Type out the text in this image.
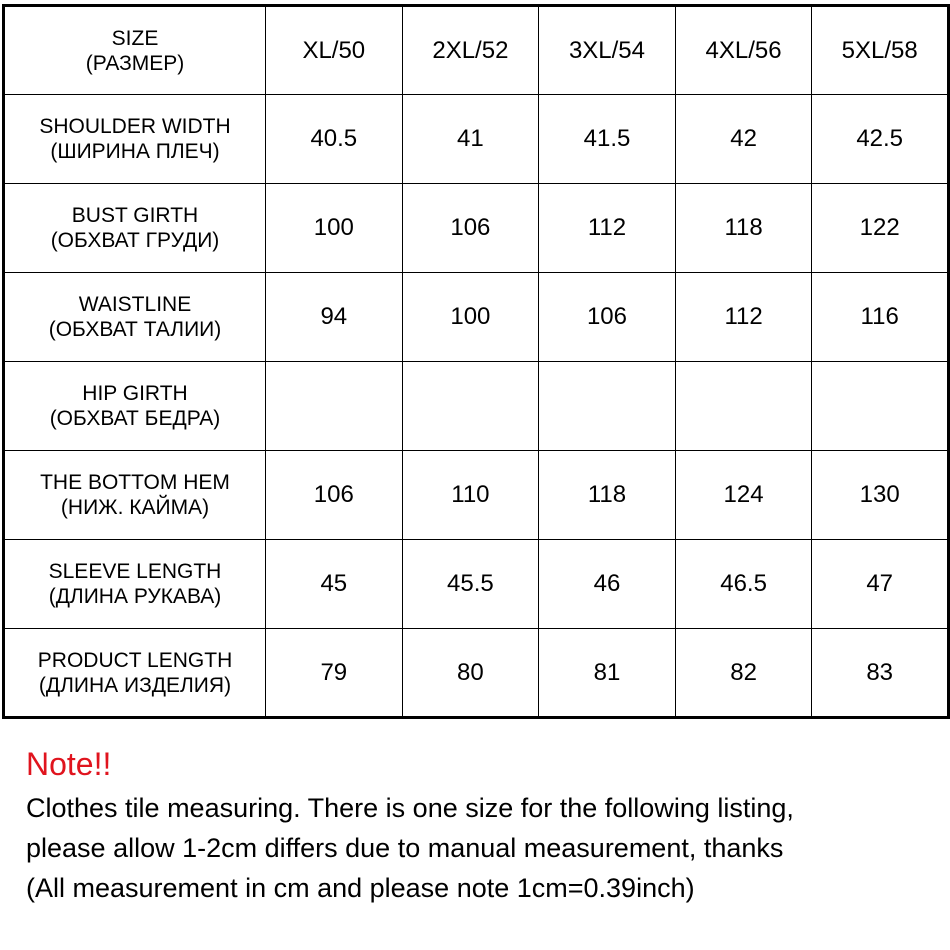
SIZE
(РАЗМЕР)	XL/50	2XL/52	3XL/54	4XL/56	5XL/58

SHOULDER WIDTH
(ШИРИНА ПЛЕЧ)	40.5	41	41.5	42	42.5

BUST GIRTH
(ОБХВАТ ГРУДИ)	100	106	112	118	122

WAISTLINE
(ОБХВАТ ТАЛИИ)	94	100	106	112	116

HIP GIRTH
(ОБХВАТ БЕДРА)					

THE BOTTOM HEM
(НИЖ. КАЙМА)	106	110	118	124	130

SLEEVE LENGTH
(ДЛИНА РУКАВА)	45	45.5	46	46.5	47

PRODUCT LENGTH
(ДЛИНА ИЗДЕЛИЯ)	79	80	81	82	83
Note!!
Clothes tile measuring. There is one size for the following listing,
please allow 1-2cm differs due to manual measurement, thanks
(All measurement in cm and please note 1cm=0.39inch)
